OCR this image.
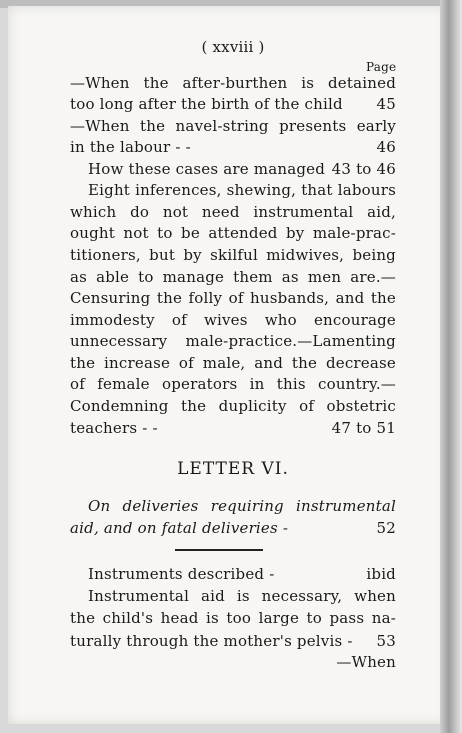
( xxviii )
Page
—When the after-burthen is detained
too long after the birth of the child 45
—When the navel-string presents early
in the labour - -	46
How these cases are managed 43 to 46
Eight inferences, shewing, that labours
which do not need instrumental aid,
ought not to be attended by male-prac-
titioners, but by skilful midwives, being
as able to manage them as men are.—
Censuring the folly of husbands, and the
immodesty of wives who encourage
unnecessary male-practice.—Lamenting
the increase of male, and the decrease
of female operators in this country.—
Condemning the duplicity of obstetric
teachers - -	47 to 51
LETTER VI.
On deliveries requiring instrumental
aid, and on fatal deliveries -	52
Instruments described -	ibid
Instrumental aid is necessary, when
the child's head is too large to pass na-
turally through the mother's pelvis - 53
—When
